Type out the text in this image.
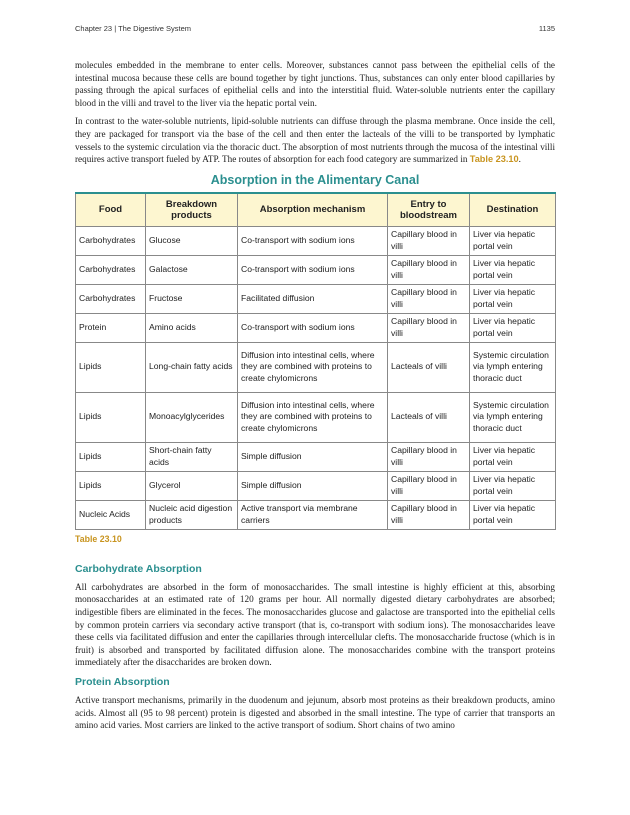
Chapter 23 | The Digestive System	1135

molecules embedded in the membrane to enter cells. Moreover, substances cannot pass between the epithelial cells of the intestinal mucosa because these cells are bound together by tight junctions. Thus, substances can only enter blood capillaries by passing through the apical surfaces of epithelial cells and into the interstitial fluid. Water-soluble nutrients enter the capillary blood in the villi and travel to the liver via the hepatic portal vein.

In contrast to the water-soluble nutrients, lipid-soluble nutrients can diffuse through the plasma membrane. Once inside the cell, they are packaged for transport via the base of the cell and then enter the lacteals of the villi to be transported by lymphatic vessels to the systemic circulation via the thoracic duct. The absorption of most nutrients through the mucosa of the intestinal villi requires active transport fueled by ATP. The routes of absorption for each food category are summarized in Table 23.10.

Absorption in the Alimentary Canal
Food	Breakdown products	Absorption mechanism	Entry to bloodstream	Destination
Carbohydrates	Glucose	Co-transport with sodium ions	Capillary blood in villi	Liver via hepatic portal vein
Carbohydrates	Galactose	Co-transport with sodium ions	Capillary blood in villi	Liver via hepatic portal vein
Carbohydrates	Fructose	Facilitated diffusion	Capillary blood in villi	Liver via hepatic portal vein
Protein	Amino acids	Co-transport with sodium ions	Capillary blood in villi	Liver via hepatic portal vein
Lipids	Long-chain fatty acids	Diffusion into intestinal cells, where they are combined with proteins to create chylomicrons	Lacteals of villi	Systemic circulation via lymph entering thoracic duct
Lipids	Monoacylglycerides	Diffusion into intestinal cells, where they are combined with proteins to create chylomicrons	Lacteals of villi	Systemic circulation via lymph entering thoracic duct
Lipids	Short-chain fatty acids	Simple diffusion	Capillary blood in villi	Liver via hepatic portal vein
Lipids	Glycerol	Simple diffusion	Capillary blood in villi	Liver via hepatic portal vein
Nucleic Acids	Nucleic acid digestion products	Active transport via membrane carriers	Capillary blood in villi	Liver via hepatic portal vein
Table 23.10
Carbohydrate Absorption

All carbohydrates are absorbed in the form of monosaccharides. The small intestine is highly efficient at this, absorbing monosaccharides at an estimated rate of 120 grams per hour. All normally digested dietary carbohydrates are absorbed; indigestible fibers are eliminated in the feces. The monosaccharides glucose and galactose are transported into the epithelial cells by common protein carriers via secondary active transport (that is, co-transport with sodium ions). The monosaccharides leave these cells via facilitated diffusion and enter the capillaries through intercellular clefts. The monosaccharide fructose (which is in fruit) is absorbed and transported by facilitated diffusion alone. The monosaccharides combine with the transport proteins immediately after the disaccharides are broken down.

Protein Absorption

Active transport mechanisms, primarily in the duodenum and jejunum, absorb most proteins as their breakdown products, amino acids. Almost all (95 to 98 percent) protein is digested and absorbed in the small intestine. The type of carrier that transports an amino acid varies. Most carriers are linked to the active transport of sodium. Short chains of two amino
